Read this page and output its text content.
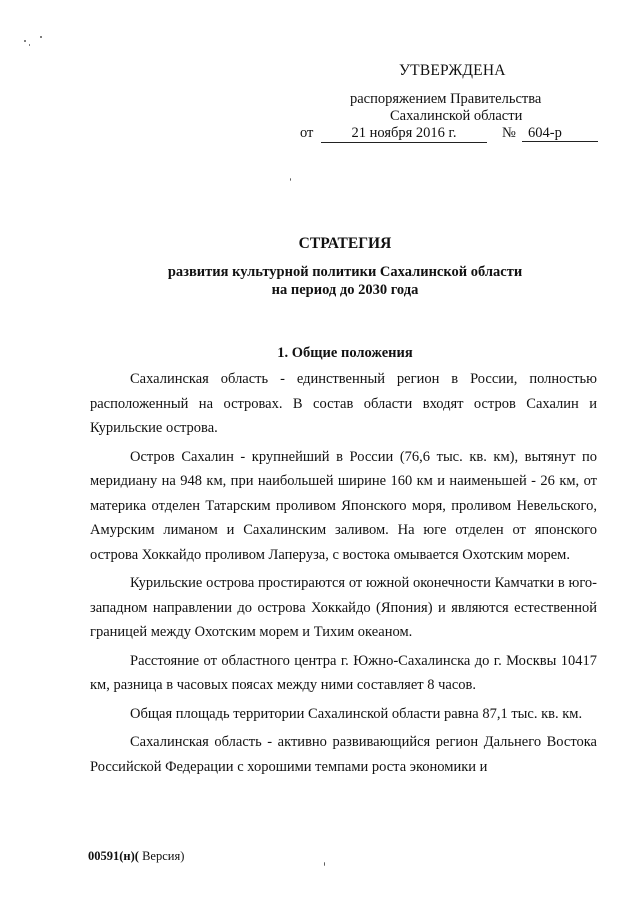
УТВЕРЖДЕНА
распоряжением Правительства
Сахалинской области
от	21 ноября 2016 г.	№ 604-р
СТРАТЕГИЯ
развития культурной политики Сахалинской области
на период до 2030 года
1. Общие положения

Сахалинская область - единственный регион в России, полностью расположенный на островах. В состав области входят остров Сахалин и Курильские острова.

Остров Сахалин - крупнейший в России (76,6 тыс. кв. км), вытянут по меридиану на 948 км, при наибольшей ширине 160 км и наименьшей - 26 км, от материка отделен Татарским проливом Японского моря, проливом Невельского, Амурским лиманом и Сахалинским заливом. На юге отделен от японского острова Хоккайдо проливом Лаперуза, с востока омывается Охотским морем.

Курильские острова простираются от южной оконечности Камчатки в юго-западном направлении до острова Хоккайдо (Япония) и являются естественной границей между Охотским морем и Тихим океаном.

Расстояние от областного центра г. Южно-Сахалинска до г. Москвы 10417 км, разница в часовых поясах между ними составляет 8 часов.

Общая площадь территории Сахалинской области равна 87,1 тыс. кв. км.

Сахалинская область - активно развивающийся регион Дальнего Востока Российской Федерации с хорошими темпами роста экономики и

00591(н)( Версия)
